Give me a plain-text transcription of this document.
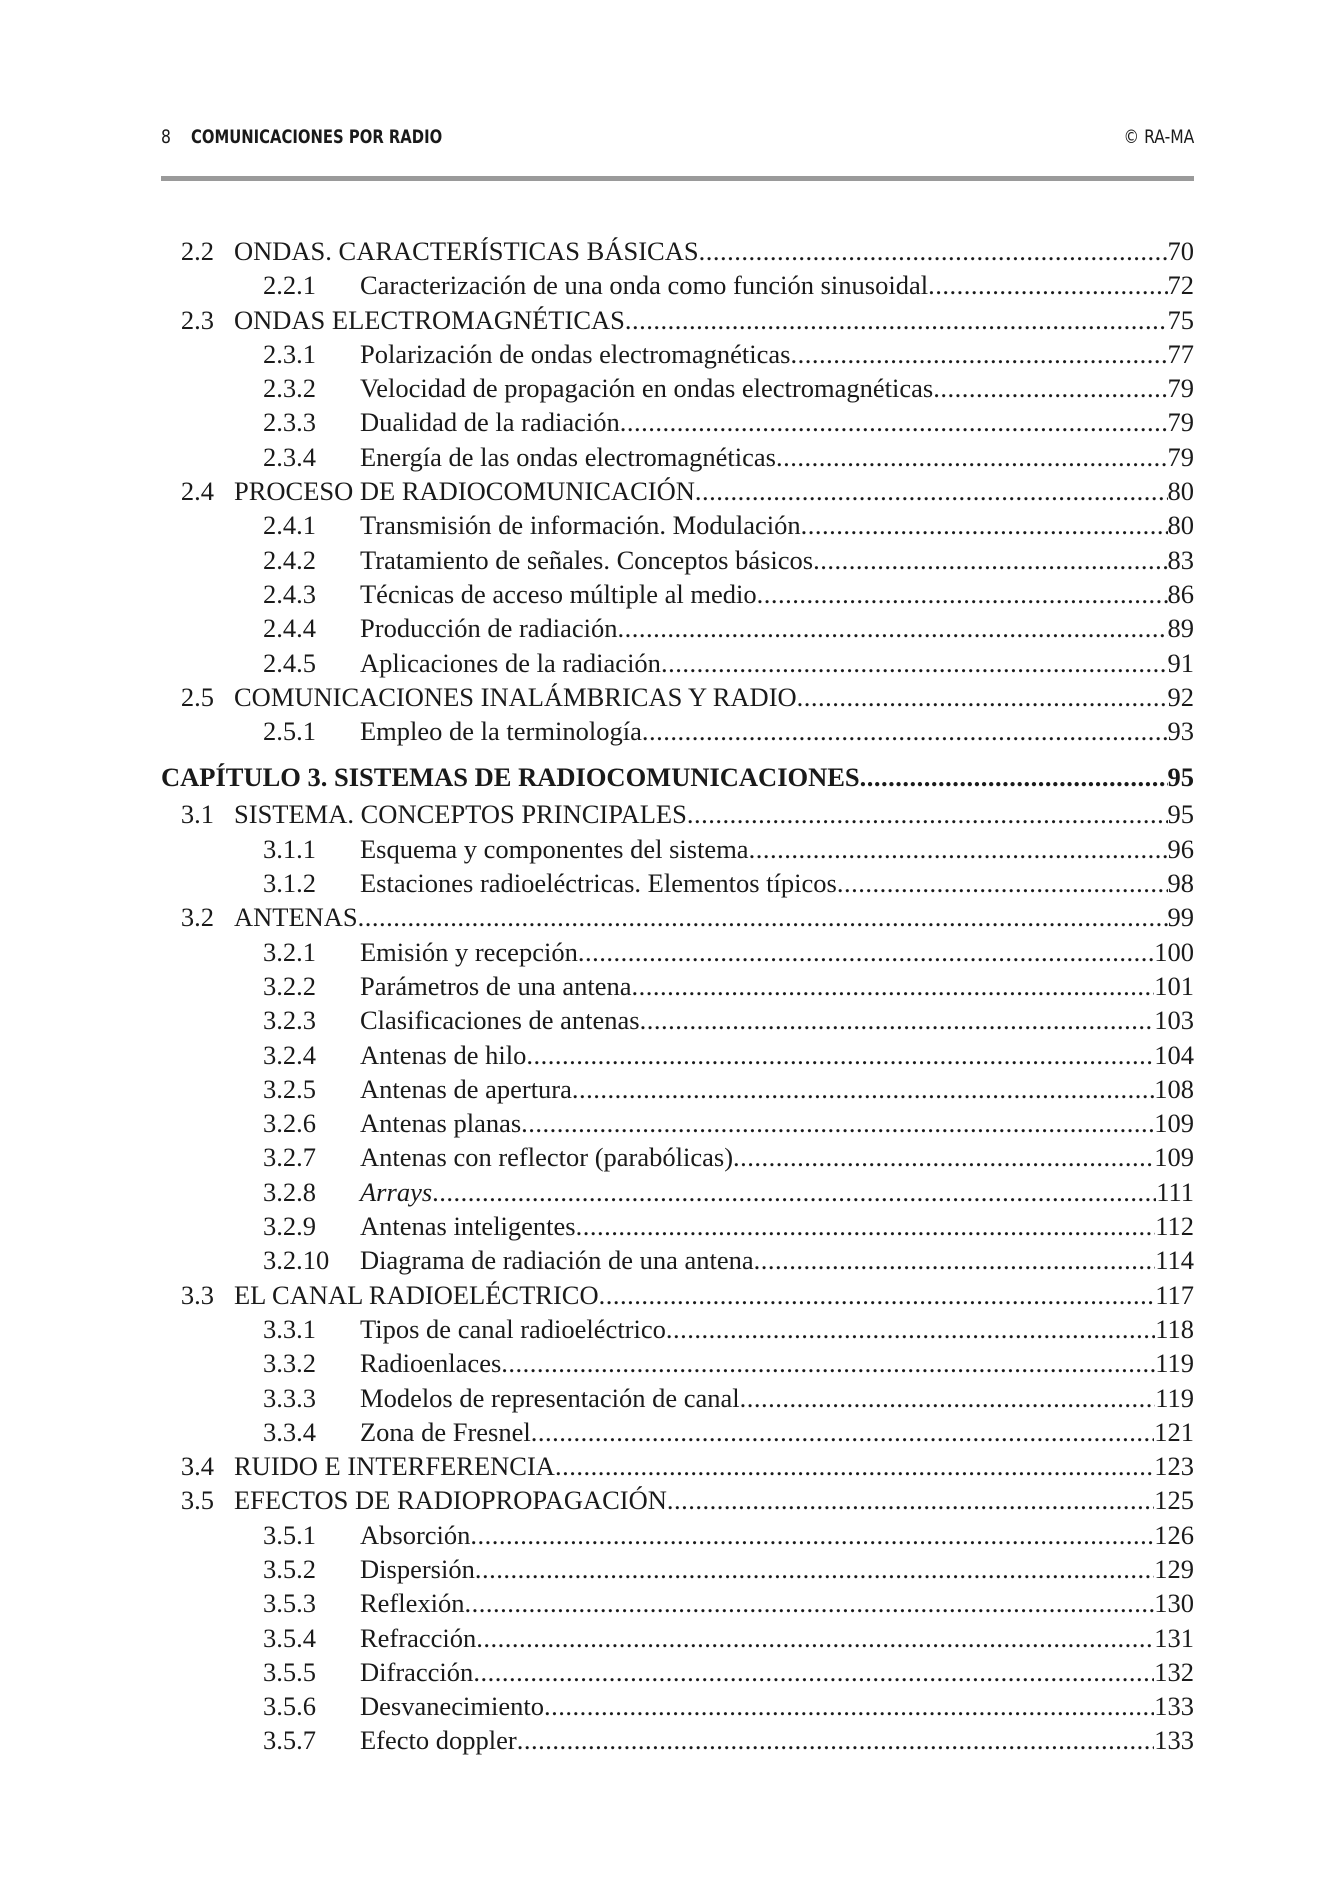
8 COMUNICACIONES POR RADIO	© RA-MA
2.2 ONDAS. CARACTERÍSTICAS BÁSICAS .....	70
2.2.1	Caracterización de una onda como función sinusoidal .....	72
2.3 ONDAS ELECTROMAGNÉTICAS .....	75
2.3.1	Polarización de ondas electromagnéticas .....	77
2.3.2	Velocidad de propagación en ondas electromagnéticas .....	79
2.3.3	Dualidad de la radiación .....	79
2.3.4	Energía de las ondas electromagnéticas .....	79
2.4 PROCESO DE RADIOCOMUNICACIÓN .....	80
2.4.1	Transmisión de información. Modulación .....	80
2.4.2	Tratamiento de señales. Conceptos básicos .....	83
2.4.3	Técnicas de acceso múltiple al medio .....	86
2.4.4	Producción de radiación .....	89
2.4.5	Aplicaciones de la radiación .....	91
2.5 COMUNICACIONES INALÁMBRICAS Y RADIO .....	92
2.5.1	Empleo de la terminología .....	93
CAPÍTULO 3. SISTEMAS DE RADIOCOMUNICACIONES .....	95
3.1 SISTEMA. CONCEPTOS PRINCIPALES .....	95
3.1.1	Esquema y componentes del sistema .....	96
3.1.2	Estaciones radioeléctricas. Elementos típicos .....	98
3.2 ANTENAS .....	99
3.2.1	Emisión y recepción .....	100
3.2.2	Parámetros de una antena .....	101
3.2.3	Clasificaciones de antenas .....	103
3.2.4	Antenas de hilo .....	104
3.2.5	Antenas de apertura .....	108
3.2.6	Antenas planas .....	109
3.2.7	Antenas con reflector (parabólicas) .....	109
3.2.8	Arrays .....	111
3.2.9	Antenas inteligentes .....	112
3.2.10	Diagrama de radiación de una antena .....	114
3.3 EL CANAL RADIOELÉCTRICO .....	117
3.3.1	Tipos de canal radioeléctrico .....	118
3.3.2	Radioenlaces .....	119
3.3.3	Modelos de representación de canal .....	119
3.3.4	Zona de Fresnel .....	121
3.4 RUIDO E INTERFERENCIA .....	123
3.5 EFECTOS DE RADIOPROPAGACIÓN .....	125
3.5.1	Absorción .....	126
3.5.2	Dispersión .....	129
3.5.3	Reflexión .....	130
3.5.4	Refracción .....	131
3.5.5	Difracción .....	132
3.5.6	Desvanecimiento .....	133
3.5.7	Efecto doppler .....	133
